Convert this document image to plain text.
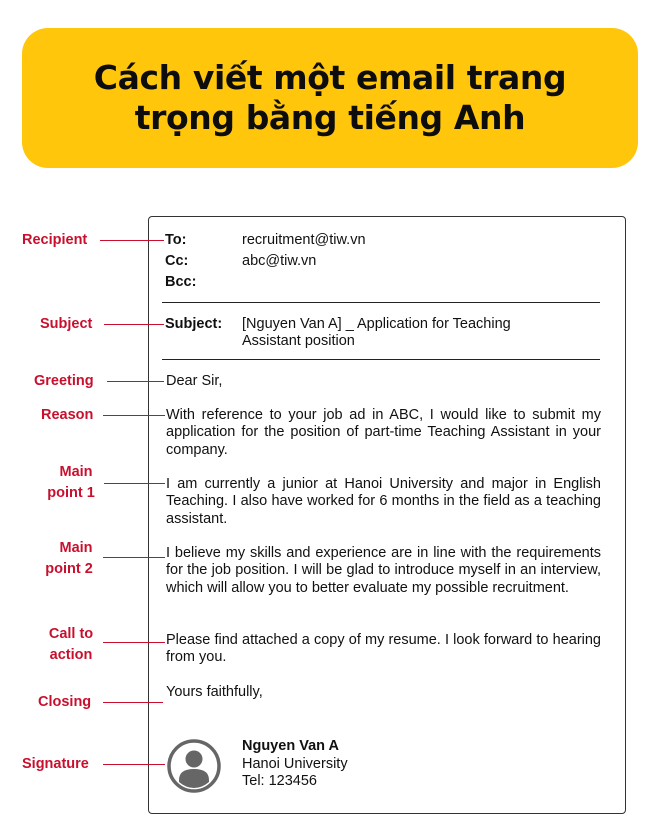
Cách viết một email trang
trọng bằng tiếng Anh
To:	recruitment@tiw.vn
Cc:	abc@tiw.vn
Bcc:
Subject: [Nguyen Van A] _ Application for Teaching
Assistant position
Dear Sir,
With reference to your job ad in ABC, I would like to submit my application for the position of part-time Teaching Assistant in your company.
I am currently a junior at Hanoi University and major in English Teaching. I also have worked for 6 months in the field as a teaching assistant.
I believe my skills and experience are in line with the requirements for the job position. I will be glad to introduce myself in an interview, which will allow you to better evaluate my possible recruitment.
Please find attached a copy of my resume. I look forward to hearing from you.
Yours faithfully,
Nguyen Van A
Hanoi University
Tel: 123456
Recipient
Subject
Greeting
Reason
Main
point 1
Main
point 2
Call to
action
Closing
Signature
